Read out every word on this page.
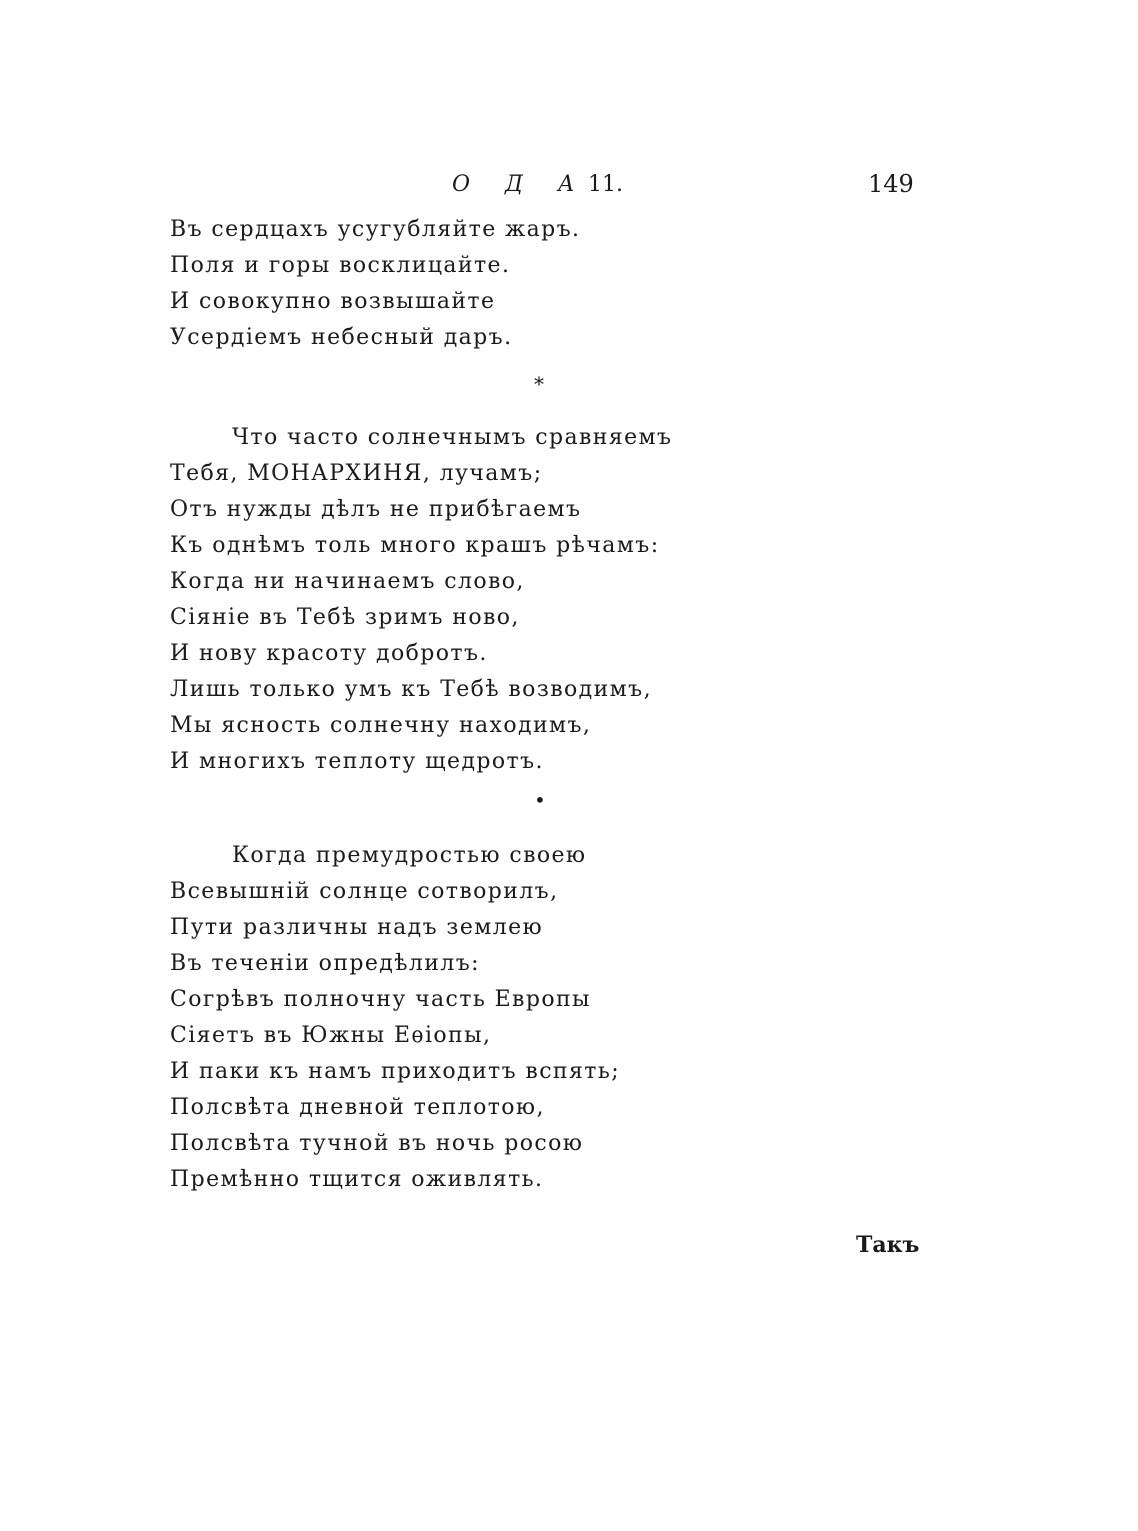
О Д А 11.	149
Въ сердцахъ усугубляйте жаръ.
Поля и горы восклицайте.
И совокупно возвышайте
Усердіемъ небесный даръ.
*
Что часто солнечнымъ сравняемъ
Тебя, МОНАРХИНЯ, лучамъ;
Отъ нужды дѣлъ не прибѣгаемъ
Къ однѣмъ толь много крашъ рѣчамъ:
Когда ни начинаемъ слово,
Сіяніе въ Тебѣ зримъ ново,
И нову красоту добротъ.
Лишь только умъ къ Тебѣ возводимъ,
Мы ясность солнечну находимъ,
И многихъ теплоту щедротъ.
•
Когда премудростью своею
Всевышній солнце сотворилъ,
Пути различны надъ землею
Въ теченіи опредѣлилъ:
Согрѣвъ полночну часть Европы
Сіяетъ въ Южны Еѳіопы,
И паки къ намъ приходитъ вспять;
Полсвѣта дневной теплотою,
Полсвѣта тучной въ ночь росою
Премѣнно тщится оживлять.
Такъ
